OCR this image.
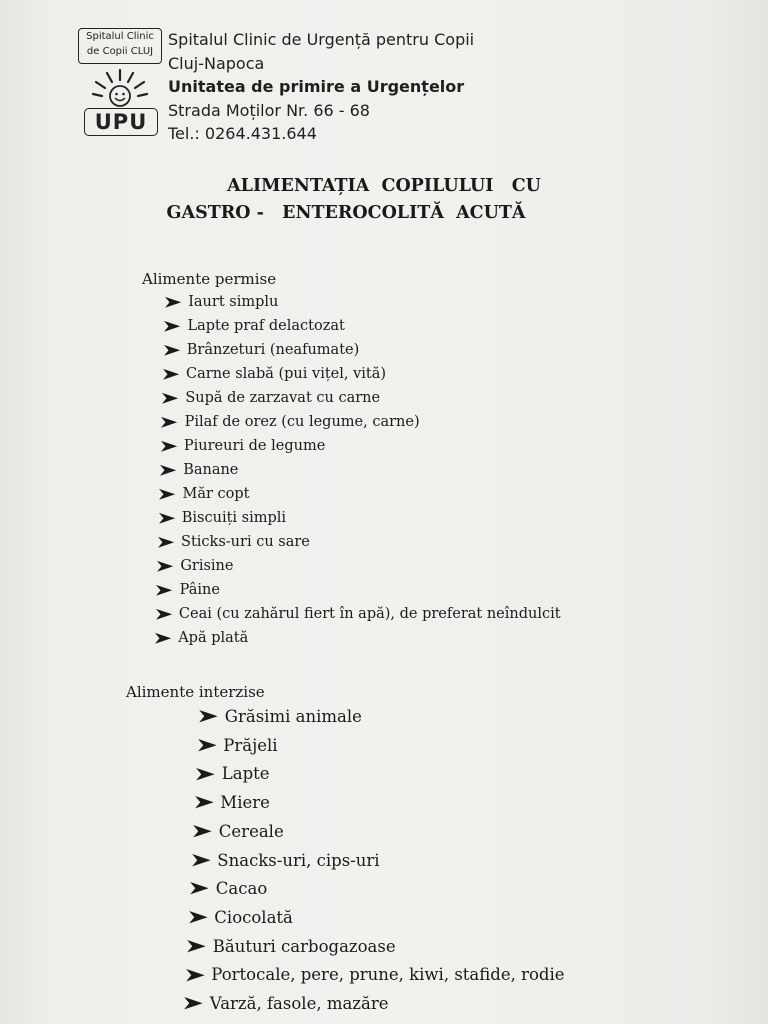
Spitalul Clinic
de Copii CLUJ
UPU
Spitalul Clinic de Urgență pentru Copii
Cluj-Napoca
Unitatea de primire a Urgențelor
Strada Moților Nr. 66 - 68
Tel.: 0264.431.644
ALIMENTAȚIA  COPILULUI   CU
GASTRO -   ENTEROCOLITĂ  ACUTĂ
Alimente permise
Iaurt simplu
Lapte praf delactozat
Brânzeturi (neafumate)
Carne slabă (pui vițel, vită)
Supă de zarzavat cu carne
Pilaf de orez (cu legume, carne)
Piureuri de legume
Banane
Măr copt
Biscuiți simpli
Sticks-uri cu sare
Grisine
Pâine
Ceai (cu zahărul fiert în apă), de preferat neîndulcit
Apă plată
Alimente interzise
Grăsimi animale
Prăjeli
Lapte
Miere
Cereale
Snacks-uri, cips-uri
Cacao
Ciocolată
Băuturi carbogazoase
Portocale, pere, prune, kiwi, stafide, rodie
Varză, fasole, mazăre
